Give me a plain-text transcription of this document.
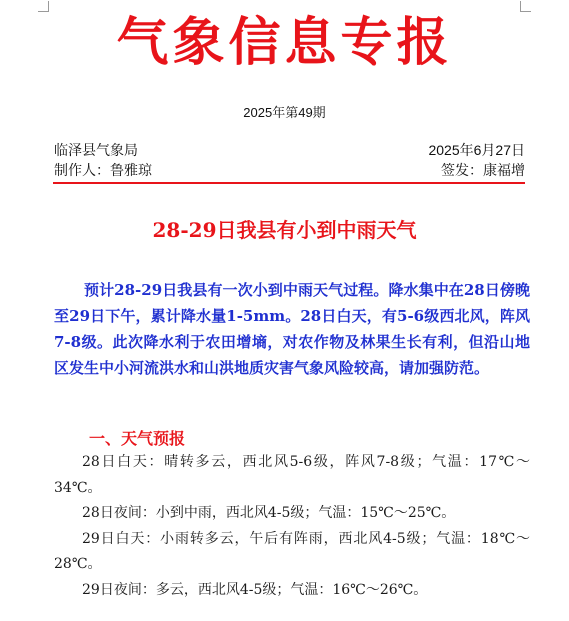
气象信息专报
2025年第49期
临泽县气象局	2025年6月27日
制作人：鲁雅琼	签发：康福增
28-29日我县有小到中雨天气

预计28-29日我县有一次小到中雨天气过程。降水集中在28日傍晚至29日下午，累计降水量1-5mm。28日白天，有5-6级西北风，阵风7-8级。此次降水利于农田增墒，对农作物及林果生长有利，但沿山地区发生中小河流洪水和山洪地质灾害气象风险较高，请加强防范。

一、天气预报
28日白天：晴转多云，西北风5-6级，阵风7-8级；气温：17℃～34℃。
28日夜间：小到中雨，西北风4-5级；气温：15℃～25℃。
29日白天：小雨转多云，午后有阵雨，西北风4-5级；气温：18℃～28℃。
29日夜间：多云，西北风4-5级；气温：16℃～26℃。
